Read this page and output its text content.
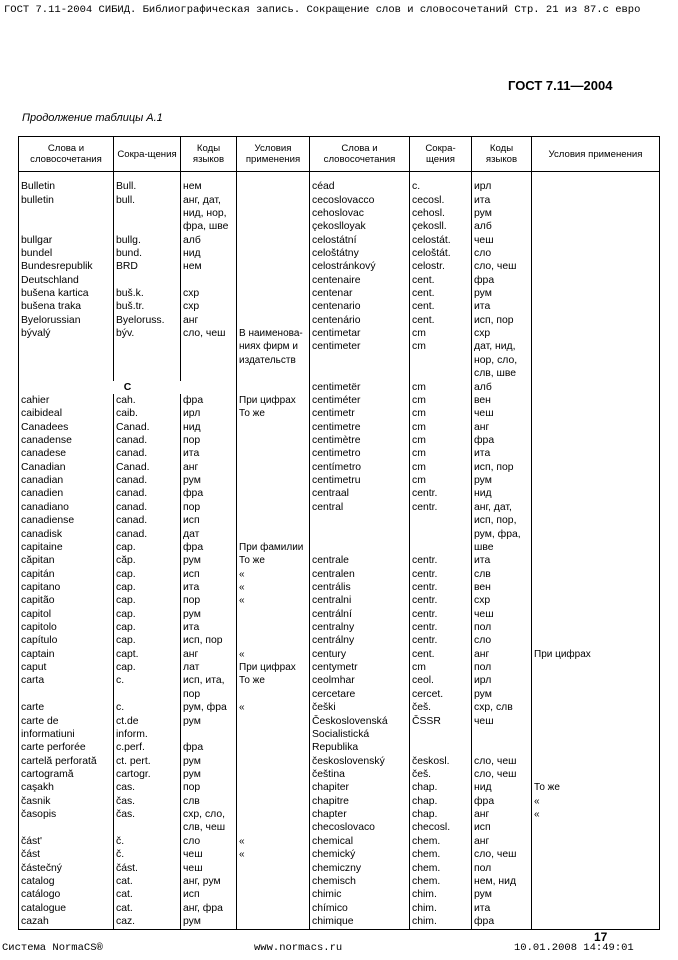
ГОСТ 7.11-2004 СИБИД. Библиографическая запись. Сокращение слов и словосочетаний Стр. 21 из 87.с евро
ГОСТ 7.11—2004
Продолжение таблицы А.1
Слова и словосочетания	Сокра-щения	Коды языков	Условия применения	Слова и словосочетания	Сокра-щения	Коды языков	Условия применения

Bulletin	Bull.	нем		céad	c.	ирл	
bulletin	bull.	анг, дат,		cecoslovacco	cecosl.	ита	
		нид, нор,		cehoslovac	cehosl.	рум	
		фра, шве		çekoslloyak	çekosll.	алб	
bullgar	bullg.	алб		celostátní	celostát.	чеш	
bundel	bund.	нид		celoštátny	celoštát.	сло	
Bundesrepublik	BRD	нем		celostránkový	celostr.	сло, чеш	
Deutschland				centenaire	cent.	фра	
bušena kartica	buš.k.	схр		centenar	cent.	рум	
bušena traka	buš.tr.	схр		centenario	cent.	ита	
Byelorussian	Byeloruss.	анг		centenário	cent.	исп, пор	
bývalý	býv.	сло, чеш	В наименова-	centimetar	cm	схр	
			ниях фирм и	centimeter	cm	дат, нид,	
			издательств			нор, сло,	
						слв, шве	
C				centimetër	cm	алб	
cahier	cah.	фра	При цифрах	centiméter	cm	вен	
caibideal	caib.	ирл	То же	centimetr	cm	чеш	
Canadees	Canad.	нид		centimetre	cm	анг	
canadense	canad.	пор		centimètre	cm	фра	
canadese	canad.	ита		centimetro	cm	ита	
Canadian	Canad.	анг		centímetro	cm	исп, пор	
canadian	canad.	рум		centimetru	cm	рум	
canadien	canad.	фра		centraal	centr.	нид	
canadiano	canad.	пор		central	centr.	анг, дат,	
canadiense	canad.	исп				исп, пор,	
canadisk	canad.	дат				рум, фра,	
capitaine	cap.	фра	При фамилии			шве	
căpitan	căp.	рум	То же	centrale	centr.	ита	
capitán	cap.	исп	«	centralen	centr.	слв	
capitano	cap.	ита	«	centrális	centr.	вен	
capitão	cap.	пор	«	centralni	centr.	схр	
capitol	cap.	рум		centrální	centr.	чеш	
capitolo	cap.	ита		centralny	centr.	пол	
capítulo	cap.	исп, пор		centrálny	centr.	сло	
captain	capt.	анг	«	century	cent.	анг	При цифрах
caput	cap.	лат	При цифрах	centymetr	cm	пол	
carta	c.	исп, ита,	То же	ceolmhar	ceol.	ирл	
		пор		cercetare	cercet.	рум	
carte	c.	рум, фра	«	češki	češ.	схр, слв	
carte de	ct.de	рум		Československá	ČSSR	чеш	
informatiuni	inform.			Socialistická			
carte perforée	c.perf.	фра		Republika			
cartelă perforată	ct. pert.	рум		československý	českosl.	сло, чеш	
cartogramă	cartogr.	рум		čeština	češ.	сло, чеш	
caşakh	cas.	пор		chapiter	chap.	нид	То же
časnik	čas.	слв		chapitre	chap.	фра	«
časopis	čas.	схр, сло,		chapter	chap.	анг	«
		слв, чеш		checoslovaco	checosl.	исп	
část'	č.	сло	«	chemical	chem.	анг	
část	č.	чеш	«	chemický	chem.	сло, чеш	
částečný	část.	чеш		chemiczny	chem.	пол	
catalog	cat.	анг, рум		chemisch	chem.	нем, нид	
catálogo	cat.	исп		chimic	chim.	рум	
catalogue	cat.	анг, фра		chímico	chim.	ита	
cazah	caz.	рум		chimique	chim.	фра	
17
Система NormaCS®	www.normacs.ru	10.01.2008 14:49:01
